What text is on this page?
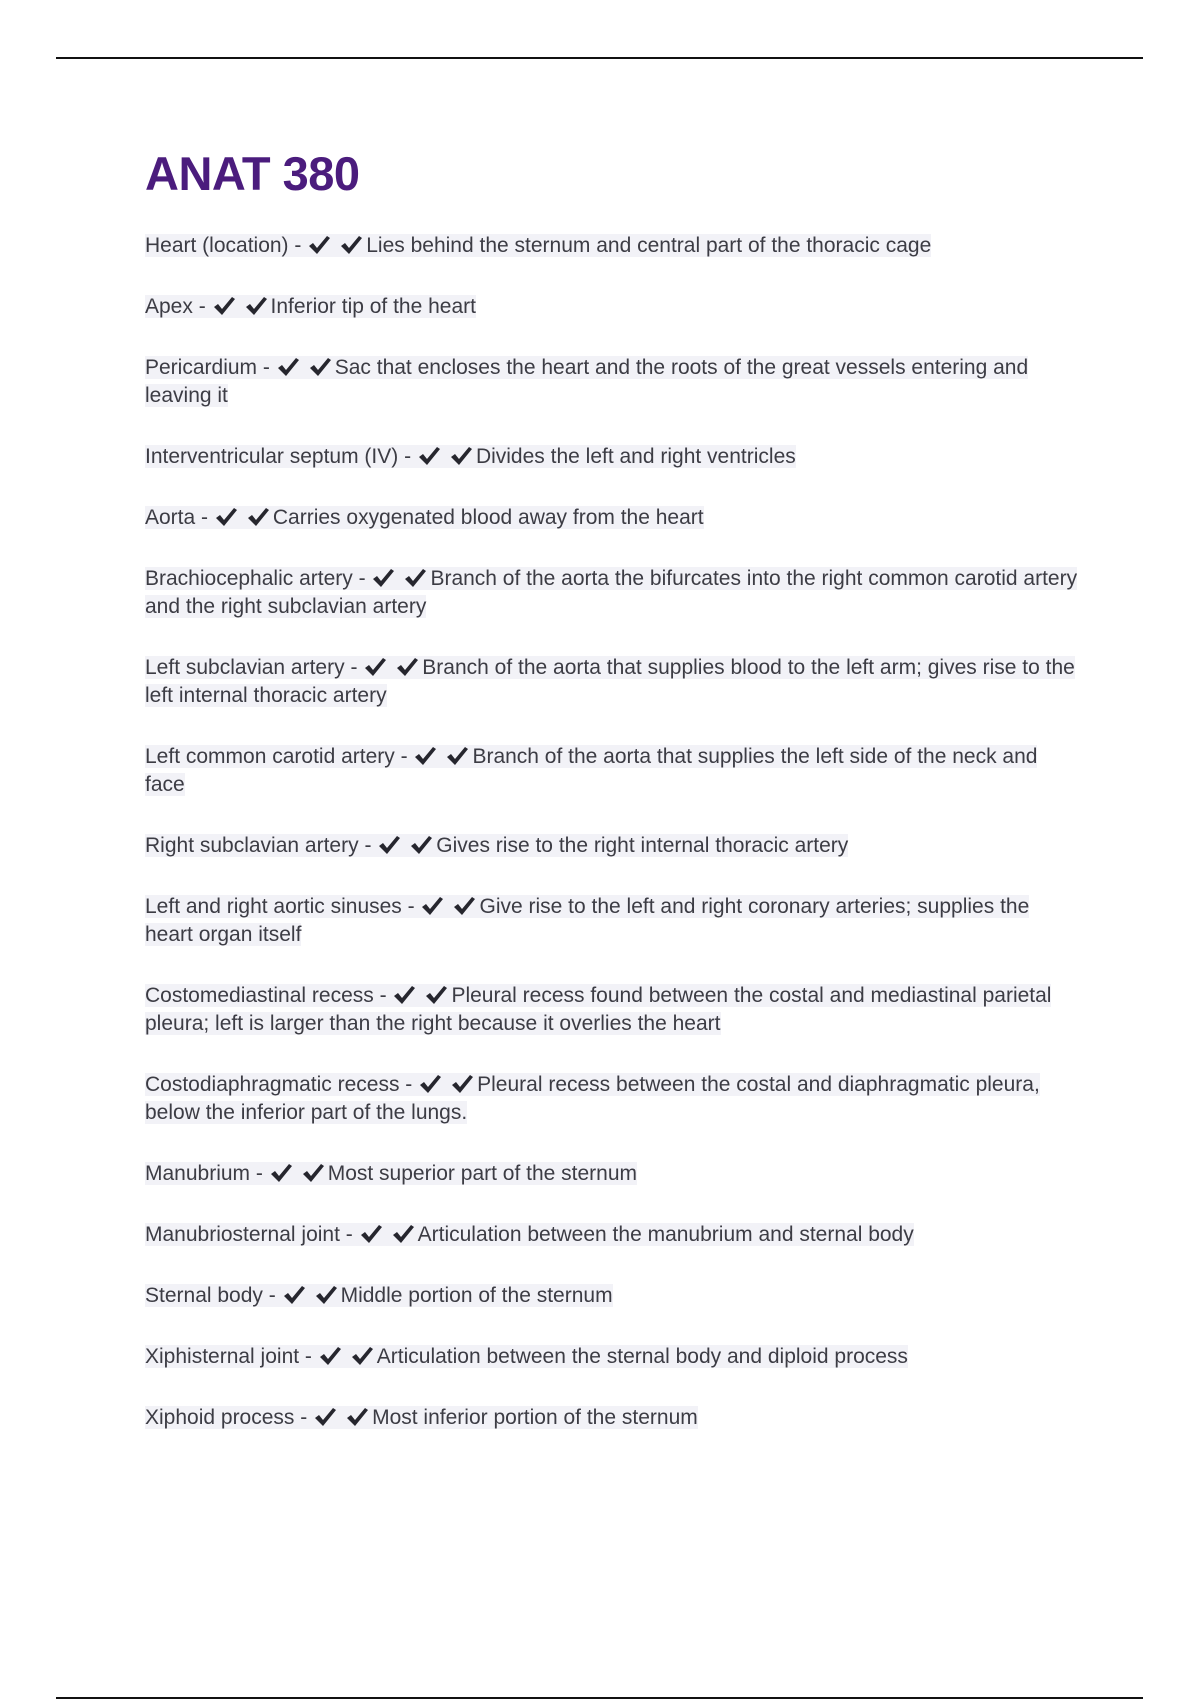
ANAT 380
Heart (location) -	Lies behind the sternum and central part of the thoracic cage
Apex -	Inferior tip of the heart
Pericardium -	Sac that encloses the heart and the roots of the great vessels entering and leaving it
Interventricular septum (IV) -	Divides the left and right ventricles
Aorta -	Carries oxygenated blood away from the heart
Brachiocephalic artery -	Branch of the aorta the bifurcates into the right common carotid artery and the right subclavian artery
Left subclavian artery -	Branch of the aorta that supplies blood to the left arm; gives rise to the left internal thoracic artery
Left common carotid artery -	Branch of the aorta that supplies the left side of the neck and face
Right subclavian artery -	Gives rise to the right internal thoracic artery
Left and right aortic sinuses -	Give rise to the left and right coronary arteries; supplies the heart organ itself
Costomediastinal recess -	Pleural recess found between the costal and mediastinal parietal pleura; left is larger than the right because it overlies the heart
Costodiaphragmatic recess -	Pleural recess between the costal and diaphragmatic pleura, below the inferior part of the lungs.
Manubrium -	Most superior part of the sternum
Manubriosternal joint -	Articulation between the manubrium and sternal body
Sternal body -	Middle portion of the sternum
Xiphisternal joint -	Articulation between the sternal body and diploid process
Xiphoid process -	Most inferior portion of the sternum
